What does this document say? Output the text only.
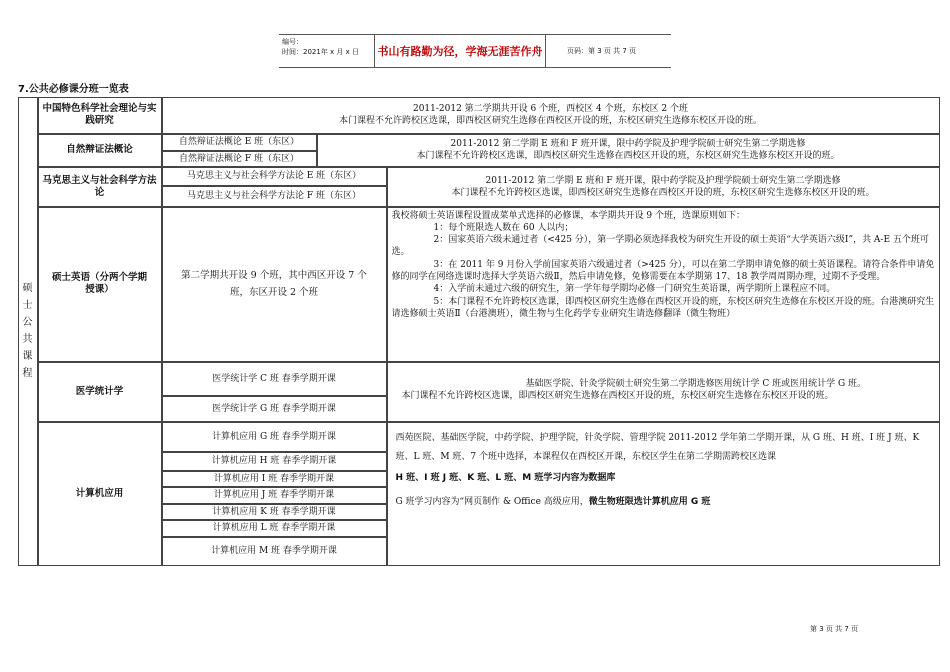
编号：
时间：2021年 x 月 x 日	书山有路勤为径，学海无涯苦作舟	页码：第 3 页 共 7 页
7.公共必修课分班一览表
硕士公共课程
中国特色科学社会理论与实践研究

2011-2012 第二学期共开设 6 个班，西校区 4 个班，东校区 2 个班

本门课程不允许跨校区选课，即西校区研究生选修在西校区开设的班，东校区研究生选修东校区开设的班。

自然辩证法概论
自然辩证法概论 E 班（东区）
自然辩证法概论 F 班（东区）

2011-2012 第二学期 E 班和 F 班开课，限中药学院及护理学院硕士研究生第二学期选修

本门课程不允许跨校区选课，即西校区研究生选修在西校区开设的班，东校区研究生选修东校区开设的班。

马克思主义与社会科学方法论
马克思主义与社会科学方法论 E 班（东区）
马克思主义与社会科学方法论 F 班（东区）

2011-2012 第二学期 E 班和 F 班开课，限中药学院及护理学院硕士研究生第二学期选修

本门课程不允许跨校区选课，即西校区研究生选修在西校区开设的班，东校区研究生选修东校区开设的班。

硕士英语（分两个学期授课）
第二学期共开设 9 个班，其中西区开设 7 个班，东区开设 2 个班

我校将硕士英语课程设置成菜单式选择的必修课，本学期共开设 9 个班，选课原则如下：

1：每个班限选人数在 60 人以内；

2：国家英语六级未通过者（<425 分），第一学期必须选择我校为研究生开设的硕士英语“大学英语六级Ⅰ”，共 A-E 五个班可选。

3：在 2011 年 9 月份入学前国家英语六级通过者（>425 分），可以在第二学期申请免修的硕士英语课程。请符合条件申请免修的同学在网络选课时选择大学英语六级Ⅱ，然后申请免修，免修需要在本学期第 17、18 教学周周期办理，过期不予受理。

4：入学前未通过六级的研究生，第一学年每学期均必修一门研究生英语课，两学期所上课程应不同。

5：本门课程不允许跨校区选课，即西校区研究生选修在西校区开设的班，东校区研究生选修在东校区开设的班。台港澳研究生请选修硕士英语Ⅱ（台港澳班），微生物与生化药学专业研究生请选修翻译（微生物班）

医学统计学
医学统计学 C 班 春季学期开课
医学统计学 G 班 春季学期开课

基础医学院、针灸学院硕士研究生第二学期选修医用统计学 C 班或医用统计学 G 班。

本门课程不允许跨校区选课，即西校区研究生选修在西校区开设的班，东校区研究生选修在东校区开设的班。

计算机应用
计算机应用 G 班 春季学期开课
计算机应用 H 班 春季学期开课
计算机应用 I 班 春季学期开课
计算机应用 J 班 春季学期开课
计算机应用 K 班 春季学期开课
计算机应用 L 班 春季学期开课
计算机应用 M 班 春季学期开课

西苑医院、基础医学院，中药学院、护理学院，针灸学院、管理学院 2011-2012 学年第二学期开课，从 G 班、H 班、I 班 J 班、K 班、L 班、M 班、7 个班中选择，本课程仅在西校区开课，东校区学生在第二学期需跨校区选课

H 班、I 班 J 班、K 班、L 班、M 班学习内容为数据库

G 班学习内容为“网页制作 & Office 高级应用，微生物班限选计算机应用 G 班

第 3 页 共 7 页
